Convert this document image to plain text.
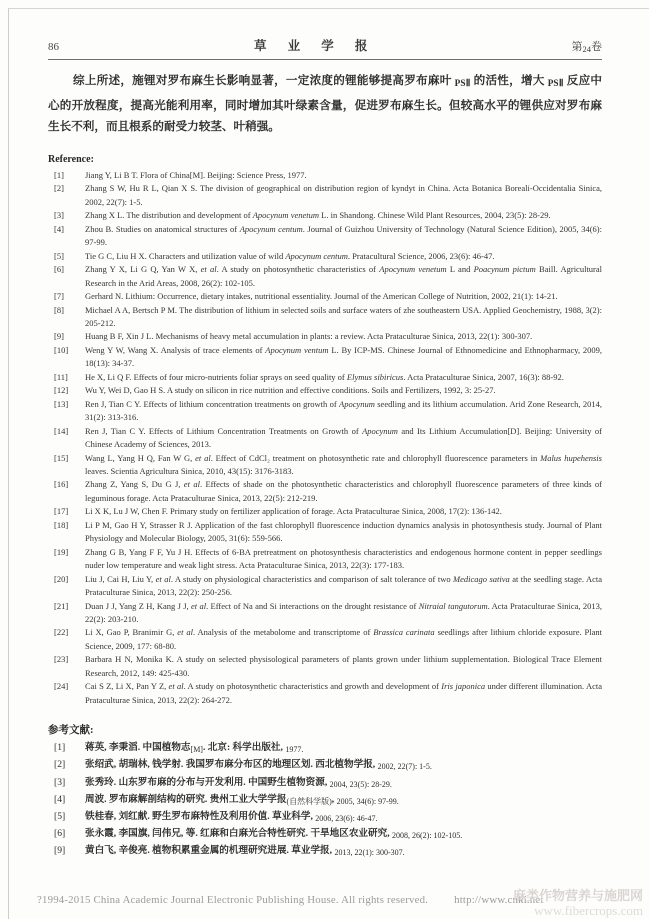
86	草 业 学 报	第24卷

综上所述，施锂对罗布麻生长影响显著，一定浓度的锂能够提高罗布麻叶 PSⅡ 的活性，增大 PSⅡ 反应中心的开放程度，提高光能利用率，同时增加其叶绿素含量，促进罗布麻生长。但较高水平的锂供应对罗布麻生长不利，而且根系的耐受力较茎、叶稍强。

Reference:
[1] Jiang Y, Li B T. Flora of China[M]. Beijing: Science Press, 1977.
[2] Zhang S W, Hu R L, Qian X S. The division of geographical on distribution region of kyndyt in China. Acta Botanica Boreali-Occidentalia Sinica, 2002, 22(7): 1-5.
[3] Zhang X L. The distribution and development of Apocynum venetum L. in Shandong. Chinese Wild Plant Resources, 2004, 23(5): 28-29.
[4] Zhou B. Studies on anatomical structures of Apocynum centum. Journal of Guizhou University of Technology (Natural Science Edition), 2005, 34(6): 97-99.
[5] Tie G C, Liu H X. Characters and utilization value of wild Apocynum centum. Pratacultural Science, 2006, 23(6): 46-47.
[6] Zhang Y X, Li G Q, Yan W X, et al. A study on photosynthetic characteristics of Apocynum venetum L and Poacynum pictum Baill. Agricultural Research in the Arid Areas, 2008, 26(2): 102-105.
[7] Gerhard N. Lithium: Occurrence, dietary intakes, nutritional essentiality. Journal of the American College of Nutrition, 2002, 21(1): 14-21.
[8] Michael A A, Bertsch P M. The distribution of lithium in selected soils and surface waters of zhe southeastern USA. Applied Geochemistry, 1988, 3(2): 205-212.
[9] Huang B F, Xin J L. Mechanisms of heavy metal accumulation in plants: a review. Acta Prataculturae Sinica, 2013, 22(1): 300-307.
[10] Weng Y W, Wang X. Analysis of trace elements of Apocynum ventum L. By ICP-MS. Chinese Journal of Ethnomedicine and Ethnopharmacy, 2009, 18(13): 34-37.
[11] He X, Li Q F. Effects of four micro-nutrients foliar sprays on seed quality of Elymus sibiricus. Acta Prataculturae Sinica, 2007, 16(3): 88-92.
[12] Wu Y, Wei D, Gao H S. A study on silicon in rice nutrition and effective conditions. Soils and Fertilizers, 1992, 3: 25-27.
[13] Ren J, Tian C Y. Effects of lithium concentration treatments on growth of Apocynum seedling and its lithium accumulation. Arid Zone Research, 2014, 31(2): 313-316.
[14] Ren J, Tian C Y. Effects of Lithium Concentration Treatments on Growth of Apocynum and Its Lithium Accumulation[D]. Beijing: University of Chinese Academy of Sciences, 2013.
[15] Wang L, Yang H Q, Fan W G, et al. Effect of CdCl₂ treatment on photosynthetic rate and chlorophyll fluorescence parameters in Malus hupehensis leaves. Scientia Agricultura Sinica, 2010, 43(15): 3176-3183.
[16] Zhang Z, Yang S, Du G J, et al. Effects of shade on the photosynthetic characteristics and chlorophyll fluorescence parameters of three kinds of leguminous forage. Acta Prataculturae Sinica, 2013, 22(5): 212-219.
[17] Li X K, Lu J W, Chen F. Primary study on fertilizer application of forage. Acta Prataculturae Sinica, 2008, 17(2): 136-142.
[18] Li P M, Gao H Y, Strasser R J. Application of the fast chlorophyll fluorescence induction dynamics analysis in photosynthesis study. Journal of Plant Physiology and Molecular Biology, 2005, 31(6): 559-566.
[19] Zhang G B, Yang F F, Yu J H. Effects of 6-BA pretreatment on photosynthesis characteristics and endogenous hormone content in pepper seedlings nuder low temperature and weak light stress. Acta Prataculturae Sinica, 2013, 22(3): 177-183.
[20] Liu J, Cai H, Liu Y, et al. A study on physiological characteristics and comparison of salt tolerance of two Medicago sativa at the seedling stage. Acta Prataculturae Sinica, 2013, 22(2): 250-256.
[21] Duan J J, Yang Z H, Kang J J, et al. Effect of Na and Si interactions on the drought resistance of Nitraial tangutorum. Acta Prataculturae Sinica, 2013, 22(2): 203-210.
[22] Li X, Gao P, Branimir G, et al. Analysis of the metabolome and transcriptome of Brassica carinata seedlings after lithium chloride exposure. Plant Science, 2009, 177: 68-80.
[23] Barbara H N, Monika K. A study on selected physisological parameters of plants grown under lithium supplementation. Biological Trace Element Research, 2012, 149: 425-430.
[24] Cai S Z, Li X, Pan Y Z, et al. A study on photosynthetic characteristics and growth and development of Iris japonica under different illumination. Acta Prataculturae Sinica, 2013, 22(2): 264-272.
参考文献:
[1] 蒋英, 李秉滔. 中国植物志$_{[M]}$. 北京: 科学出版社, $_{1977.}$
[2] 张绍武, 胡瑞林, 钱学射. 我国罗布麻分布区的地理区划. 西北植物学报, $_{2002, 22(7): 1-5.}$
[3] 张秀玲. 山东罗布麻的分布与开发利用. 中国野生植物资源, $_{2004, 23(5): 28-29.}$
[4] 周波. 罗布麻解剖结构的研究. 贵州工业大学学报$_{(自然科学版)}$, $_{2005, 34(6): 97-99.}$
[5] 铁桂春, 刘红献. 野生罗布麻特性及利用价值. 草业科学, $_{2006, 23(6): 46-47.}$
[6] 张永霞, 李国旗, 闫伟兄, 等. 红麻和白麻光合特性研究. 干旱地区农业研究, $_{2008, 26(2): 102-105.}$
[9] 黄白飞, 辛俊亮. 植物积累重金属的机理研究进展. 草业学报, $_{2013, 22(1): 300-307.}$
?1994-2015 China Academic Journal Electronic Publishing House. All rights reserved. http://www.cnki.net
麻类作物营养与施肥网
www.fibercrops.com
